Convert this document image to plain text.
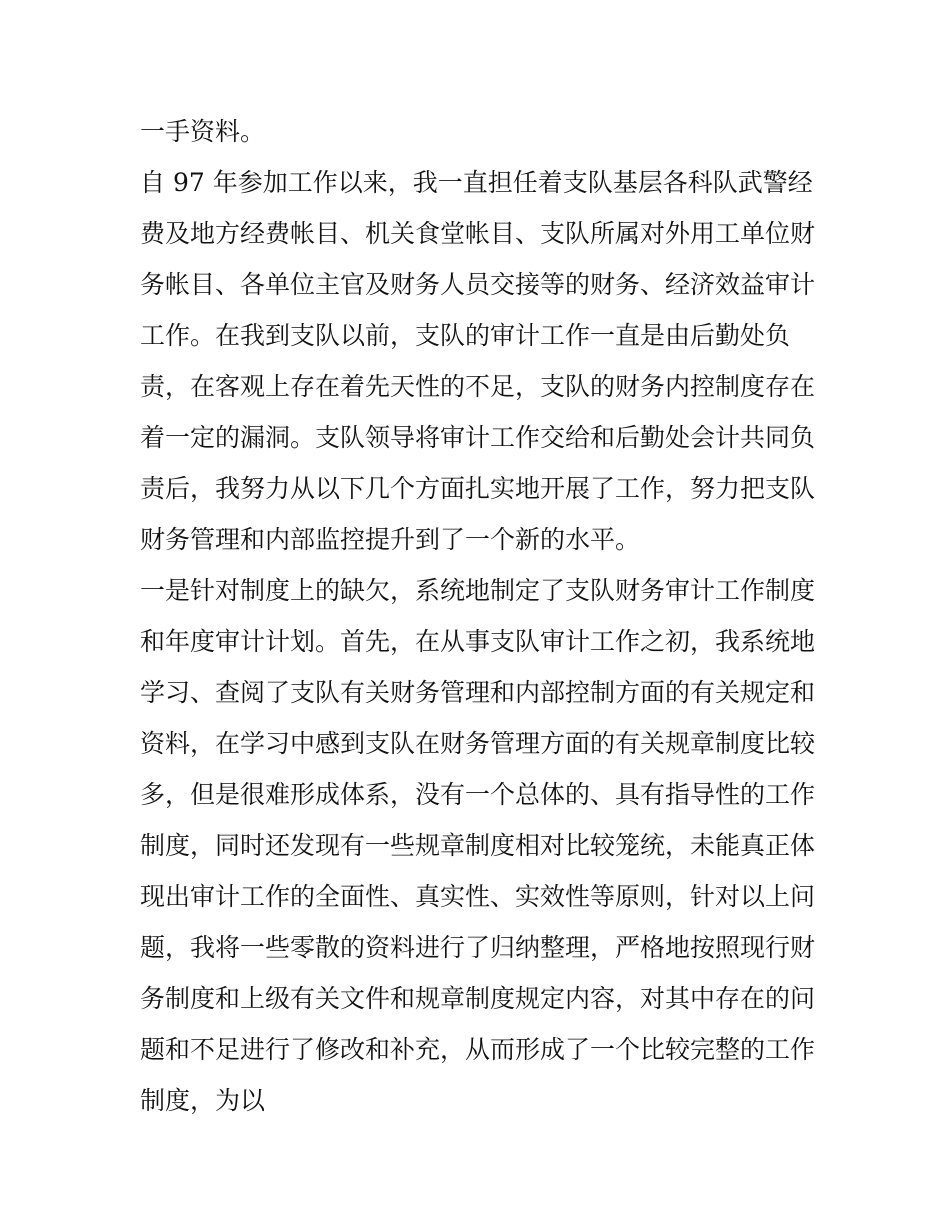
一手资料。
自 97 年参加工作以来，我一直担任着支队基层各科队武警经
费及地方经费帐目、机关食堂帐目、支队所属对外用工单位财
务帐目、各单位主官及财务人员交接等的财务、经济效益审计
工作。在我到支队以前，支队的审计工作一直是由后勤处负
责，在客观上存在着先天性的不足，支队的财务内控制度存在
着一定的漏洞。支队领导将审计工作交给和后勤处会计共同负
责后，我努力从以下几个方面扎实地开展了工作，努力把支队
财务管理和内部监控提升到了一个新的水平。
一是针对制度上的缺欠，系统地制定了支队财务审计工作制度
和年度审计计划。首先，在从事支队审计工作之初，我系统地
学习、查阅了支队有关财务管理和内部控制方面的有关规定和
资料，在学习中感到支队在财务管理方面的有关规章制度比较
多，但是很难形成体系，没有一个总体的、具有指导性的工作
制度，同时还发现有一些规章制度相对比较笼统，未能真正体
现出审计工作的全面性、真实性、实效性等原则，针对以上问
题，我将一些零散的资料进行了归纳整理，严格地按照现行财
务制度和上级有关文件和规章制度规定内容，对其中存在的问
题和不足进行了修改和补充，从而形成了一个比较完整的工作
制度，为以
